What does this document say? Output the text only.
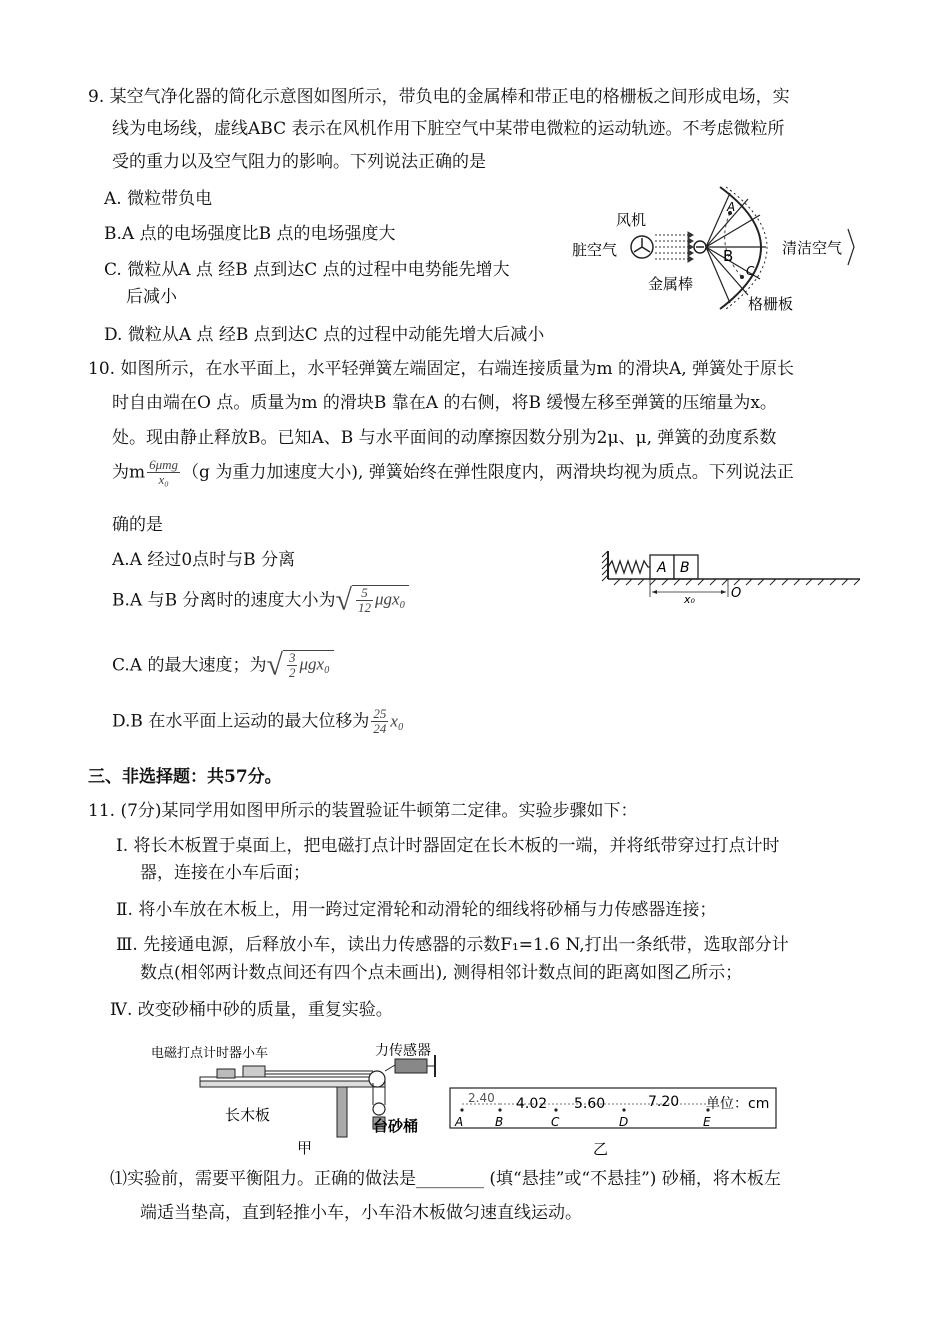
9. 某空气净化器的简化示意图如图所示，带负电的金属棒和带正电的格栅板之间形成电场，实
线为电场线，虚线ABC 表示在风机作用下脏空气中某带电微粒的运动轨迹。不考虑微粒所
受的重力以及空气阻力的影响。下列说法正确的是
A. 微粒带负电
B.A 点的电场强度比B 点的电场强度大
C. 微粒从A 点 经B 点到达C 点的过程中电势能先增大
后减小
D. 微粒从A 点 经B 点到达C 点的过程中动能先增大后减小
风机
脏空气
金属棒
格栅板
清洁空气
A
B
C
10. 如图所示，在水平面上，水平轻弹簧左端固定，右端连接质量为m 的滑块A, 弹簧处于原长
时自由端在O 点。质量为m 的滑块B 靠在A 的右侧，将B 缓慢左移至弹簧的压缩量为x。
处。现由静止释放B。已知A、B 与水平面间的动摩擦因数分别为2μ、μ, 弹簧的劲度系数
为m $\frac{\text{6μmg}}{\text{x₀}} (g$ 为重力加速度大小), 弹簧始终在弹性限度内，两滑块均视为质点。下列说法正
确的是
A.A 经过0点时与B 分离
B.A 与B 分离时的速度大小为√ $\frac{5}{12} \mu gx_0$
C.A 的最大速度；为√ $\frac{3}{2} \mu gx_0$
D.B 在水平面上运动的最大位移为 $\frac{25}{24} x_0$
A B
x₀	O
三、非选择题：共57分。
11. (7分)某同学用如图甲所示的装置验证牛顿第二定律。实验步骤如下：
I. 将长木板置于桌面上，把电磁打点计时器固定在长木板的一端，并将纸带穿过打点计时
器，连接在小车后面；
Ⅱ. 将小车放在木板上，用一跨过定滑轮和动滑轮的细线将砂桶与力传感器连接；
Ⅲ. 先接通电源，后释放小车，读出力传感器的示数F₁=1.6 N,打出一条纸带，选取部分计
数点(相邻两计数点间还有四个点未画出), 测得相邻计数点间的距离如图乙所示；
Ⅳ. 改变砂桶中砂的质量，重复实验。
电磁打点计时器小车	力传感器
长木板
台砂桶
甲
2.40 4.02 5.60	7.20 单位：cm
A	B	C	D	E
乙
⑴实验前，需要平衡阻力。正确的做法是________ (填“悬挂”或“不悬挂”) 砂桶，将木板左
端适当垫高，直到轻推小车，小车沿木板做匀速直线运动。
